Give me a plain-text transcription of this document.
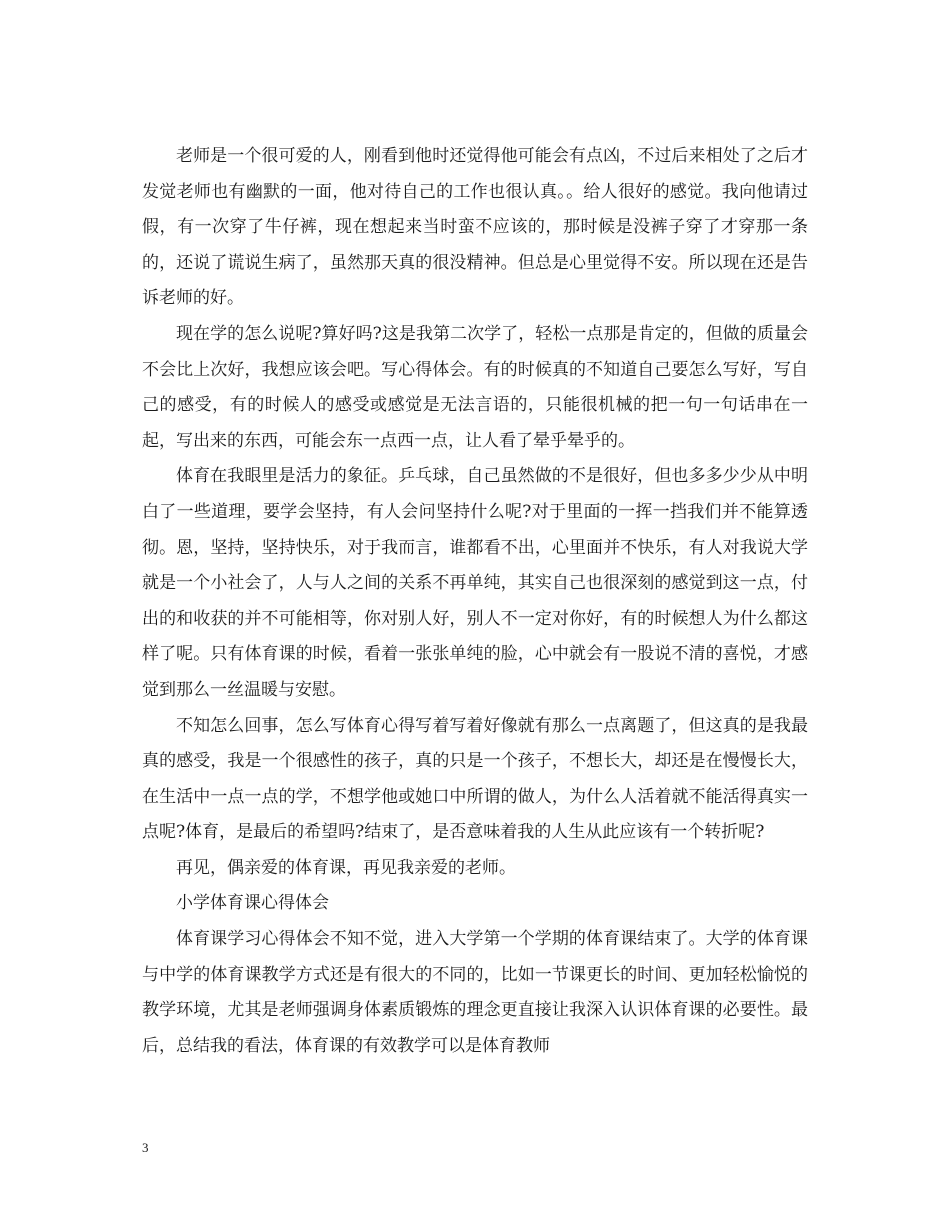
老师是一个很可爱的人，刚看到他时还觉得他可能会有点凶，不过后来相处了之后才发觉老师也有幽默的一面，他对待自己的工作也很认真。。给人很好的感觉。我向他请过假，有一次穿了牛仔裤，现在想起来当时蛮不应该的，那时候是没裤子穿了才穿那一条的，还说了谎说生病了，虽然那天真的很没精神。但总是心里觉得不安。所以现在还是告诉老师的好。

现在学的怎么说呢?算好吗?这是我第二次学了，轻松一点那是肯定的，但做的质量会不会比上次好，我想应该会吧。写心得体会。有的时候真的不知道自己要怎么写好，写自己的感受，有的时候人的感受或感觉是无法言语的，只能很机械的把一句一句话串在一起，写出来的东西，可能会东一点西一点，让人看了晕乎晕乎的。

体育在我眼里是活力的象征。乒乓球，自己虽然做的不是很好，但也多多少少从中明白了一些道理，要学会坚持，有人会问坚持什么呢?对于里面的一挥一挡我们并不能算透彻。恩，坚持，坚持快乐，对于我而言，谁都看不出，心里面并不快乐，有人对我说大学就是一个小社会了，人与人之间的关系不再单纯，其实自己也很深刻的感觉到这一点，付出的和收获的并不可能相等，你对别人好，别人不一定对你好，有的时候想人为什么都这样了呢。只有体育课的时候，看着一张张单纯的脸，心中就会有一股说不清的喜悦，才感觉到那么一丝温暖与安慰。

不知怎么回事，怎么写体育心得写着写着好像就有那么一点离题了，但这真的是我最真的感受，我是一个很感性的孩子，真的只是一个孩子，不想长大，却还是在慢慢长大，在生活中一点一点的学，不想学他或她口中所谓的做人，为什么人活着就不能活得真实一点呢?体育，是最后的希望吗?结束了，是否意味着我的人生从此应该有一个转折呢?

再见，偶亲爱的体育课，再见我亲爱的老师。

小学体育课心得体会

体育课学习心得体会不知不觉，进入大学第一个学期的体育课结束了。大学的体育课与中学的体育课教学方式还是有很大的不同的，比如一节课更长的时间、更加轻松愉悦的教学环境，尤其是老师强调身体素质锻炼的理念更直接让我深入认识体育课的必要性。最后，总结我的看法，体育课的有效教学可以是体育教师

3
